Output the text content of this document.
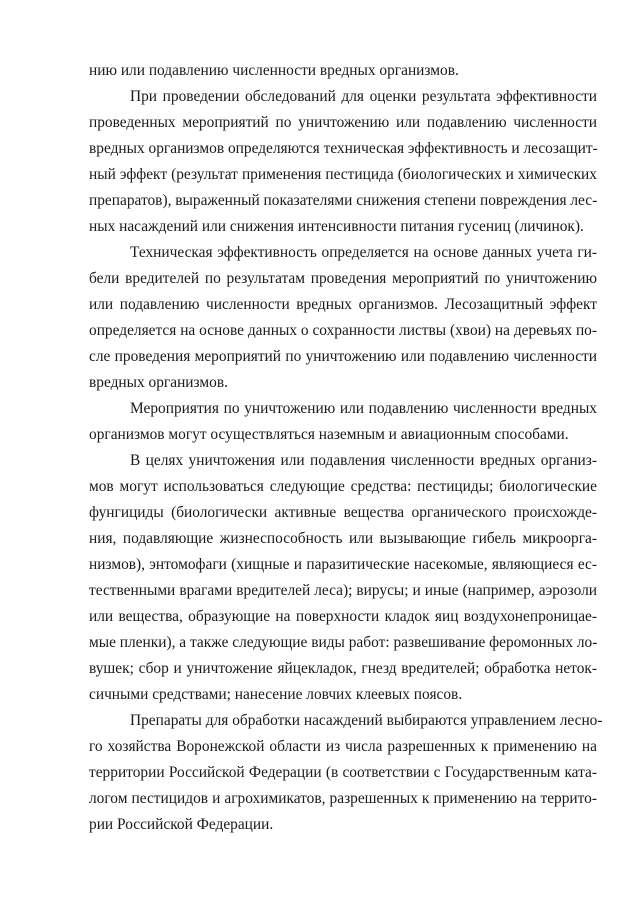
нию или подавлению численности вредных организмов.

При проведении обследований для оценки результата эффективности
проведенных мероприятий по уничтожению или подавлению численности
вредных организмов определяются техническая эффективность и лесозащит-
ный эффект (результат применения пестицида (биологических и химических
препаратов), выраженный показателями снижения степени повреждения лес-
ных насаждений или снижения интенсивности питания гусениц (личинок).

Техническая эффективность определяется на основе данных учета ги-
бели вредителей по результатам проведения мероприятий по уничтожению
или подавлению численности вредных организмов. Лесозащитный эффект
определяется на основе данных о сохранности листвы (хвои) на деревьях по-
сле проведения мероприятий по уничтожению или подавлению численности
вредных организмов.

Мероприятия по уничтожению или подавлению численности вредных
организмов могут осуществляться наземным и авиационным способами.

В целях уничтожения или подавления численности вредных организ-
мов могут использоваться следующие средства: пестициды; биологические
фунгициды (биологически активные вещества органического происхожде-
ния, подавляющие жизнеспособность или вызывающие гибель микроорга-
низмов), энтомофаги (хищные и паразитические насекомые, являющиеся ес-
тественными врагами вредителей леса); вирусы; и иные (например, аэрозоли
или вещества, образующие на поверхности кладок яиц воздухонепроницае-
мые пленки), а также следующие виды работ: развешивание феромонных ло-
вушек; сбор и уничтожение яйцекладок, гнезд вредителей; обработка неток-
сичными средствами; нанесение ловчих клеевых поясов.

Препараты для обработки насаждений выбираются управлением лесно-
го хозяйства Воронежской области из числа разрешенных к применению на
территории Российской Федерации (в соответствии с Государственным ката-
логом пестицидов и агрохимикатов, разрешенных к применению на террито-
рии Российской Федерации.
